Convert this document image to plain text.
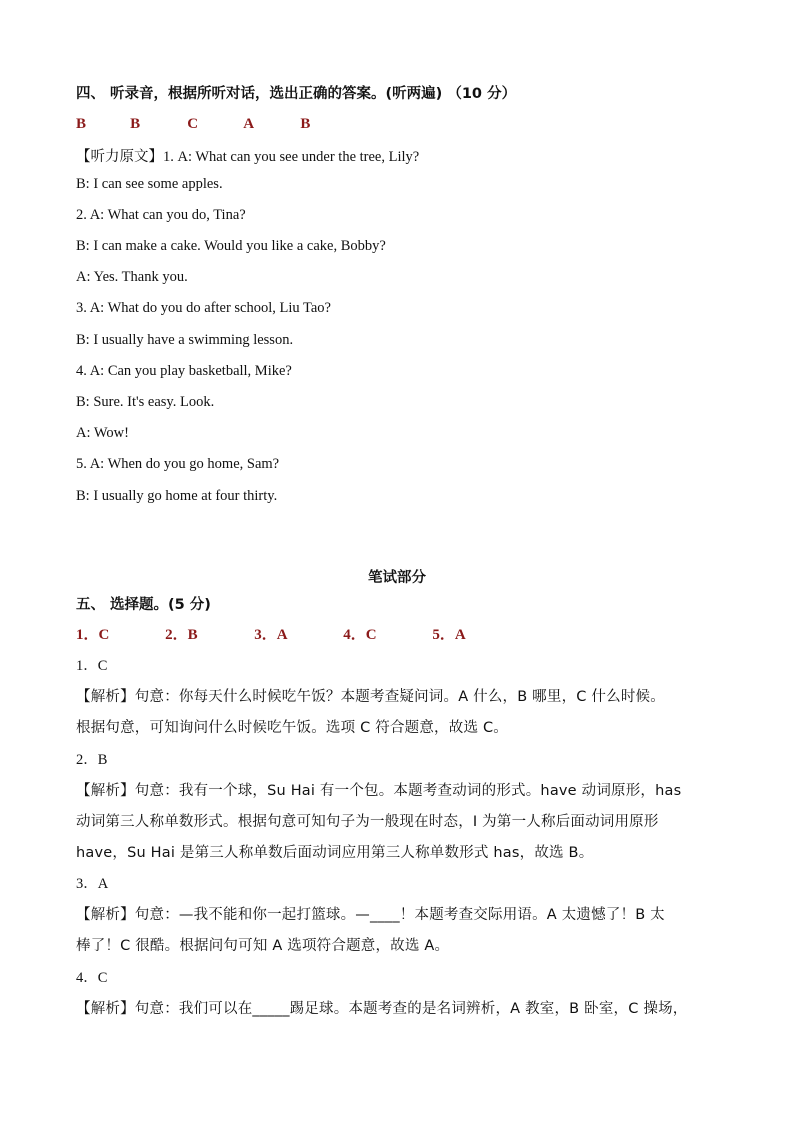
四、 听录音，根据所听对话，选出正确的答案。(听两遍) （10 分）
B	B	C	A	B
【听力原文】1. A: What can you see under the tree, Lily?
B: I can see some apples.
2. A: What can you do, Tina?
B: I can make a cake. Would you like a cake, Bobby?
A: Yes. Thank you.
3. A: What do you do after school, Liu Tao?
B: I usually have a swimming lesson.
4. A: Can you play basketball, Mike?
B: Sure. It's easy. Look.
A: Wow!
5. A: When do you go home, Sam?
B: I usually go home at four thirty.
笔试部分
五、 选择题。(5 分)
1．C	2．B	3．A	4．C	5．A
1．C
【解析】句意：你每天什么时候吃午饭？本题考查疑问词。A 什么，B 哪里，C 什么时候。
根据句意，可知询问什么时候吃午饭。选项 C 符合题意，故选 C。
2．B
【解析】句意：我有一个球，Su Hai 有一个包。本题考查动词的形式。have 动词原形，has
动词第三人称单数形式。根据句意可知句子为一般现在时态，I 为第一人称后面动词用原形
have，Su Hai 是第三人称单数后面动词应用第三人称单数形式 has，故选 B。
3．A
【解析】句意：—我不能和你一起打篮球。—____！本题考查交际用语。A 太遗憾了！B 太
棒了！C 很酷。根据问句可知 A 选项符合题意，故选 A。
4．C
【解析】句意：我们可以在_____踢足球。本题考查的是名词辨析，A 教室，B 卧室，C 操场，
